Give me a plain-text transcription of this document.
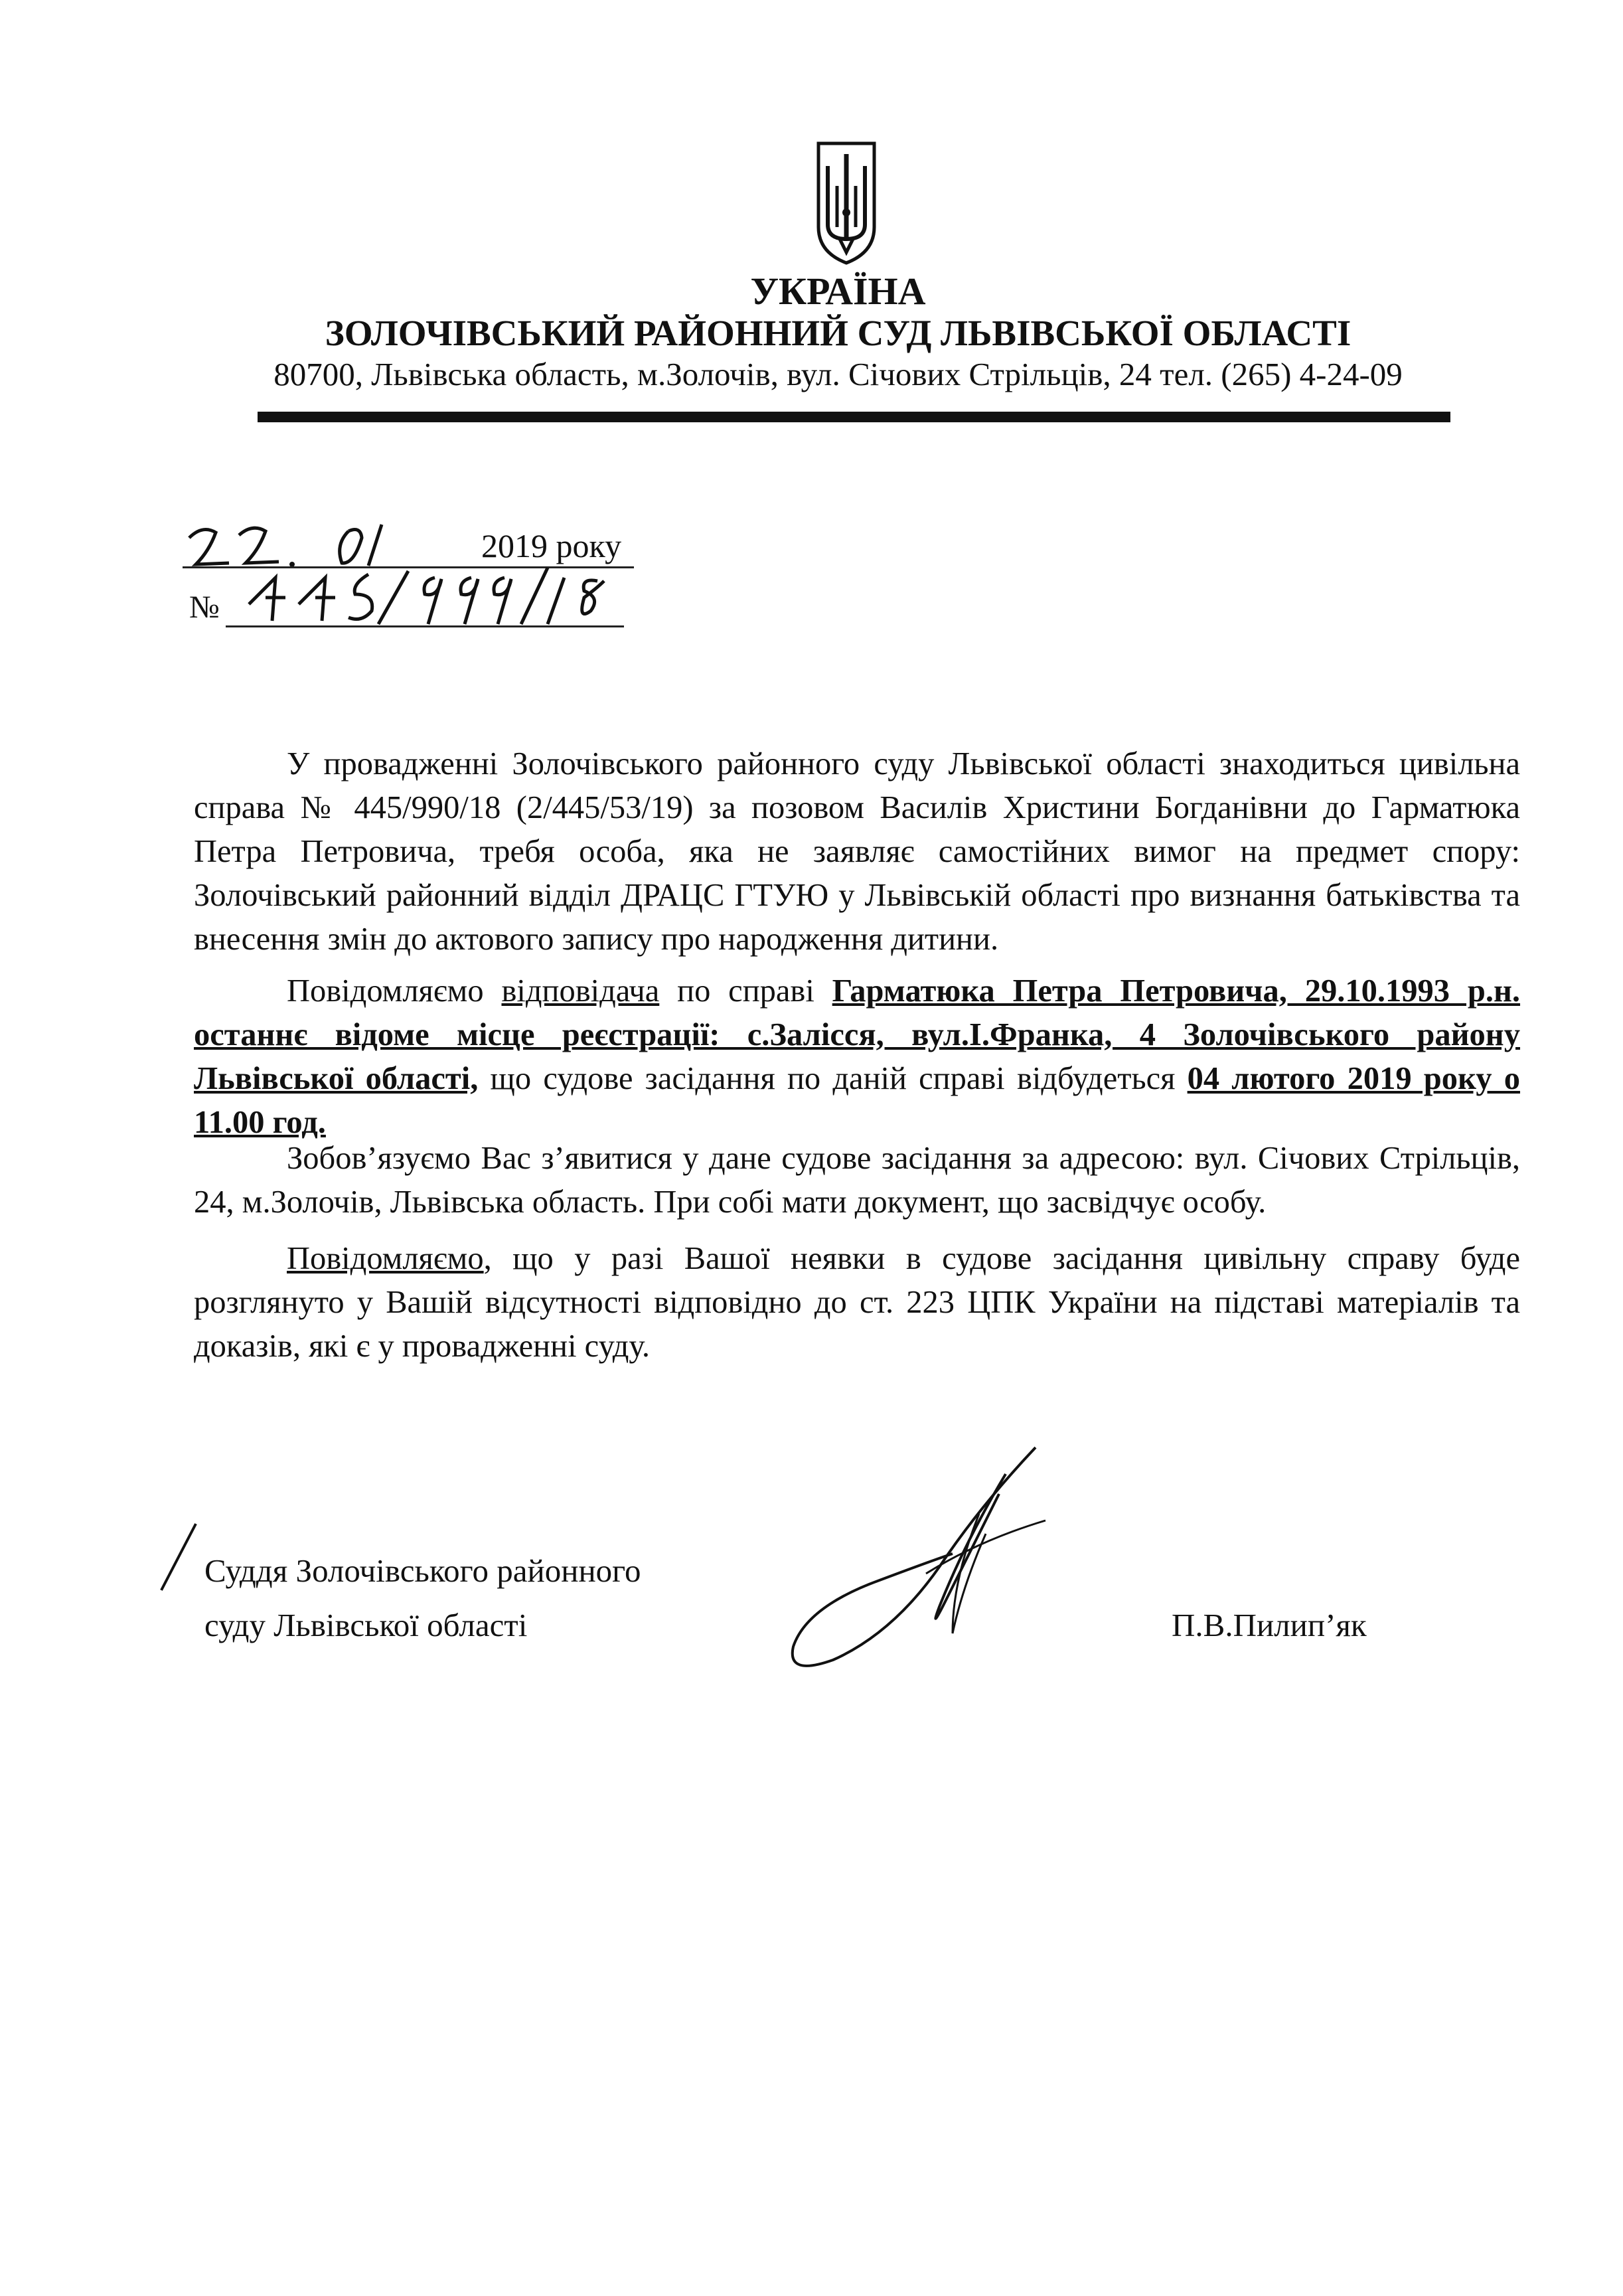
УКРАЇНА
ЗОЛОЧІВСЬКИЙ РАЙОННИЙ СУД ЛЬВІВСЬКОЇ ОБЛАСТІ
80700, Львівська область, м.Золочів, вул. Січових Стрільців, 24 тел. (265) 4-24-09
2019 року
№
У провадженні Золочівського районного суду Львівської області знаходиться цивільна справа № 445/990/18 (2/445/53/19) за позовом Василів Христини Богданівни до Гарматюка Петра Петровича, требя особа, яка не заявляє самостійних вимог на предмет спору: Золочівський районний відділ ДРАЦС ГТУЮ у Львівській області про визнання батьківства та внесення змін до актового запису про народження дитини.
Повідомляємо відповідача по справі Гарматюка Петра Петровича, 29.10.1993 р.н. останнє відоме місце реєстрації: с.Залісся, вул.І.Франка, 4 Золочівського району Львівської області, що судове засідання по даній справі відбудеться 04 лютого 2019 року о 11.00 год.
Зобов’язуємо Вас з’явитися у дане судове засідання за адресою: вул. Січових Стрільців, 24, м.Золочів, Львівська область. При собі мати документ, що засвідчує особу.
Повідомляємо, що у разі Вашої неявки в судове засідання цивільну справу буде розглянуто у Вашій відсутності відповідно до ст. 223 ЦПК України на підставі матеріалів та доказів, які є у провадженні суду.
Суддя Золочівського районного
суду Львівської області	П.В.Пилип’як
